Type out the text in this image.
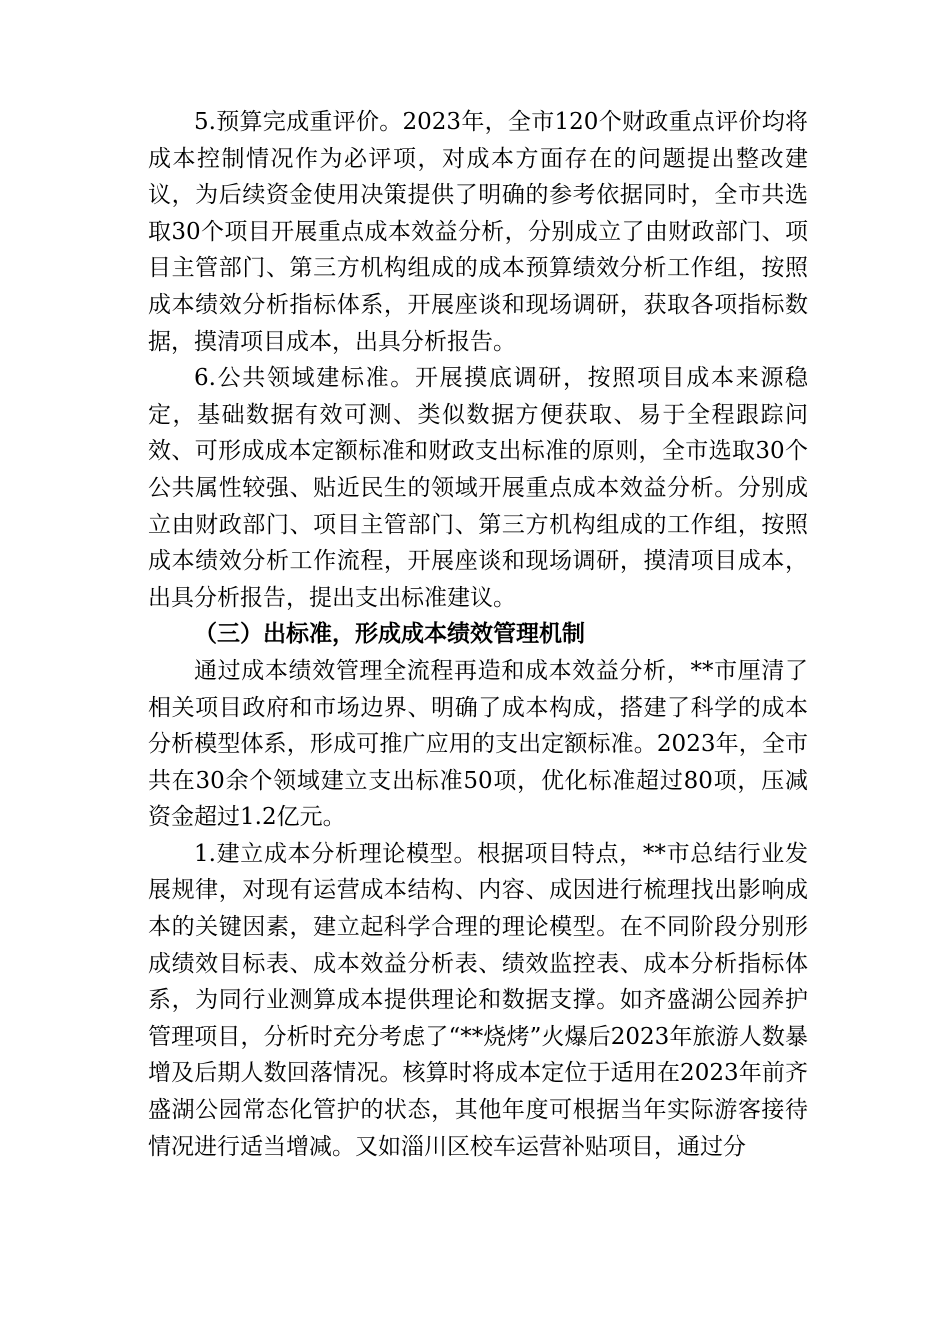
5.预算完成重评价。2023年，全市120个财政重点评价均将成本控制情况作为必评项，对成本方面存在的问题提出整改建议，为后续资金使用决策提供了明确的参考依据同时，全市共选取30个项目开展重点成本效益分析，分别成立了由财政部门、项目主管部门、第三方机构组成的成本预算绩效分析工作组，按照成本绩效分析指标体系，开展座谈和现场调研，获取各项指标数据，摸清项目成本，出具分析报告。

6.公共领域建标准。开展摸底调研，按照项目成本来源稳定，基础数据有效可测、类似数据方便获取、易于全程跟踪问效、可形成成本定额标准和财政支出标准的原则，全市选取30个公共属性较强、贴近民生的领域开展重点成本效益分析。分别成立由财政部门、项目主管部门、第三方机构组成的工作组，按照成本绩效分析工作流程，开展座谈和现场调研，摸清项目成本，出具分析报告，提出支出标准建议。

（三）出标准，形成成本绩效管理机制

通过成本绩效管理全流程再造和成本效益分析，**市厘清了相关项目政府和市场边界、明确了成本构成，搭建了科学的成本分析模型体系，形成可推广应用的支出定额标准。2023年，全市共在30余个领域建立支出标准50项，优化标准超过80项，压减资金超过1.2亿元。

1.建立成本分析理论模型。根据项目特点，**市总结行业发展规律，对现有运营成本结构、内容、成因进行梳理找出影响成本的关键因素，建立起科学合理的理论模型。在不同阶段分别形成绩效目标表、成本效益分析表、绩效监控表、成本分析指标体系，为同行业测算成本提供理论和数据支撑。如齐盛湖公园养护管理项目，分析时充分考虑了“**烧烤”火爆后2023年旅游人数暴增及后期人数回落情况。核算时将成本定位于适用在2023年前齐盛湖公园常态化管护的状态，其他年度可根据当年实际游客接待情况进行适当增减。又如淄川区校车运营补贴项目，通过分
